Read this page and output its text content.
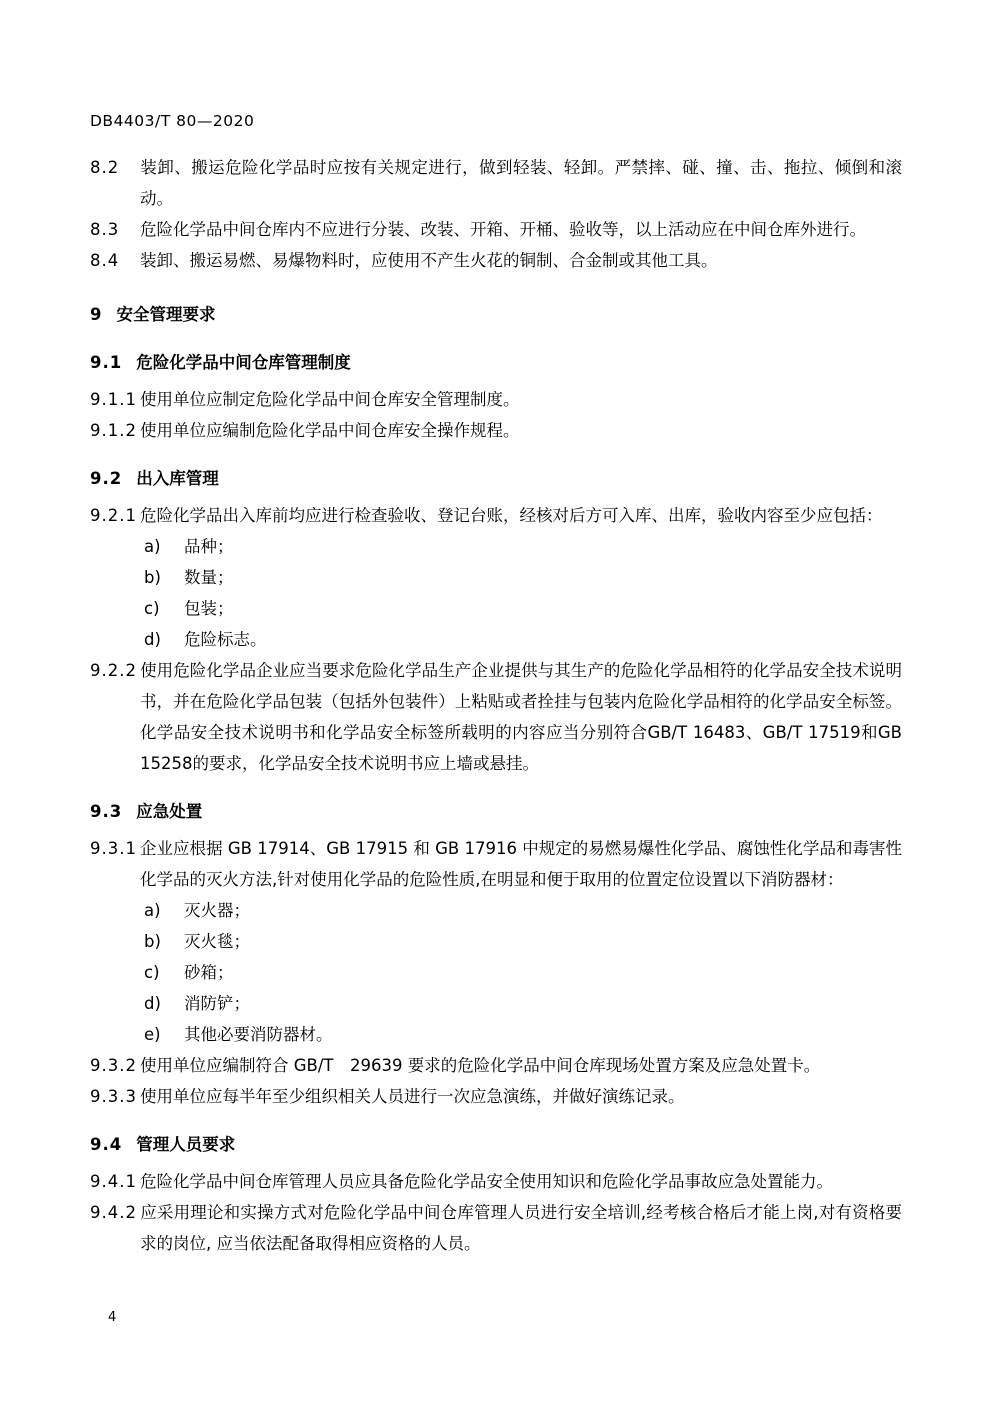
DB4403/T 80—2020

8.2 装卸、搬运危险化学品时应按有关规定进行，做到轻装、轻卸。严禁摔、碰、撞、击、拖拉、倾倒和滚动。

8.3 危险化学品中间仓库内不应进行分装、改装、开箱、开桶、验收等，以上活动应在中间仓库外进行。

8.4 装卸、搬运易燃、易爆物料时，应使用不产生火花的铜制、合金制或其他工具。

9 安全管理要求

9.1 危险化学品中间仓库管理制度

9.1.1 使用单位应制定危险化学品中间仓库安全管理制度。

9.1.2 使用单位应编制危险化学品中间仓库安全操作规程。

9.2 出入库管理

9.2.1 危险化学品出入库前均应进行检查验收、登记台账，经核对后方可入库、出库，验收内容至少应包括：

a) 品种；
b) 数量；
c) 包装；
d) 危险标志。

9.2.2 使用危险化学品企业应当要求危险化学品生产企业提供与其生产的危险化学品相符的化学品安全技术说明书，并在危险化学品包装（包括外包装件）上粘贴或者拴挂与包装内危险化学品相符的化学品安全标签。化学品安全技术说明书和化学品安全标签所载明的内容应当分别符合GB/T 16483、GB/T 17519和GB 15258的要求，化学品安全技术说明书应上墙或悬挂。

9.3 应急处置

9.3.1 企业应根据 GB 17914、GB 17915 和 GB 17916 中规定的易燃易爆性化学品、腐蚀性化学品和毒害性化学品的灭火方法,针对使用化学品的危险性质,在明显和便于取用的位置定位设置以下消防器材：

a) 灭火器；
b) 灭火毯；
c) 砂箱；
d) 消防铲；
e) 其他必要消防器材。

9.3.2 使用单位应编制符合 GB/T　29639 要求的危险化学品中间仓库现场处置方案及应急处置卡。

9.3.3 使用单位应每半年至少组织相关人员进行一次应急演练，并做好演练记录。

9.4 管理人员要求

9.4.1 危险化学品中间仓库管理人员应具备危险化学品安全使用知识和危险化学品事故应急处置能力。

9.4.2 应采用理论和实操方式对危险化学品中间仓库管理人员进行安全培训,经考核合格后才能上岗,对有资格要求的岗位, 应当依法配备取得相应资格的人员。

4
